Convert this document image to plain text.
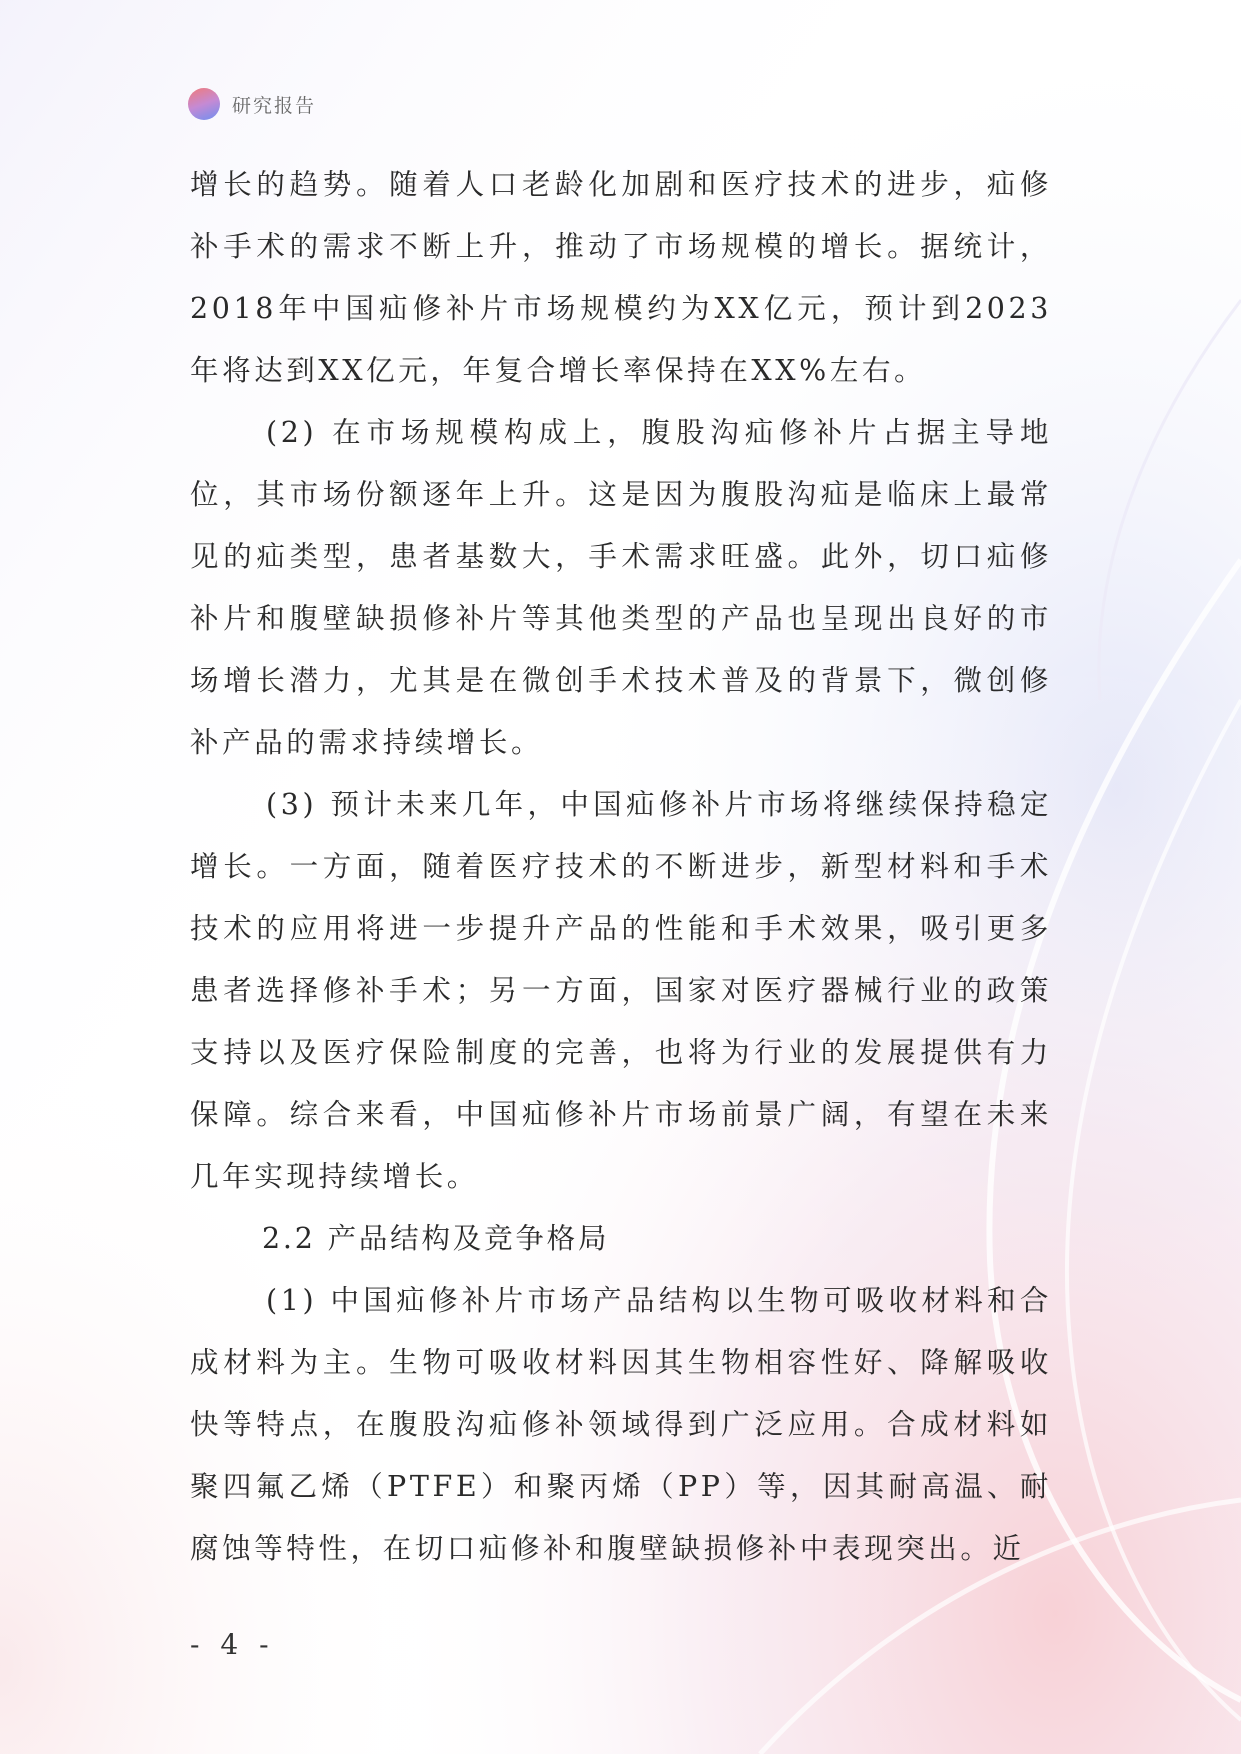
研究报告

增长的趋势。随着人口老龄化加剧和医疗技术的进步，疝修补手术的需求不断上升，推动了市场规模的增长。据统计，2018年中国疝修补片市场规模约为XX亿元，预计到2023年将达到XX亿元，年复合增长率保持在XX%左右。

(2) 在市场规模构成上，腹股沟疝修补片占据主导地位，其市场份额逐年上升。这是因为腹股沟疝是临床上最常见的疝类型，患者基数大，手术需求旺盛。此外，切口疝修补片和腹壁缺损修补片等其他类型的产品也呈现出良好的市场增长潜力，尤其是在微创手术技术普及的背景下，微创修补产品的需求持续增长。

(3) 预计未来几年，中国疝修补片市场将继续保持稳定增长。一方面，随着医疗技术的不断进步，新型材料和手术技术的应用将进一步提升产品的性能和手术效果，吸引更多患者选择修补手术；另一方面，国家对医疗器械行业的政策支持以及医疗保险制度的完善，也将为行业的发展提供有力保障。综合来看，中国疝修补片市场前景广阔，有望在未来几年实现持续增长。

2.2 产品结构及竞争格局

(1) 中国疝修补片市场产品结构以生物可吸收材料和合成材料为主。生物可吸收材料因其生物相容性好、降解吸收快等特点，在腹股沟疝修补领域得到广泛应用。合成材料如聚四氟乙烯（PTFE）和聚丙烯（PP）等，因其耐高温、耐腐蚀等特性，在切口疝修补和腹壁缺损修补中表现突出。近

- 4 -
